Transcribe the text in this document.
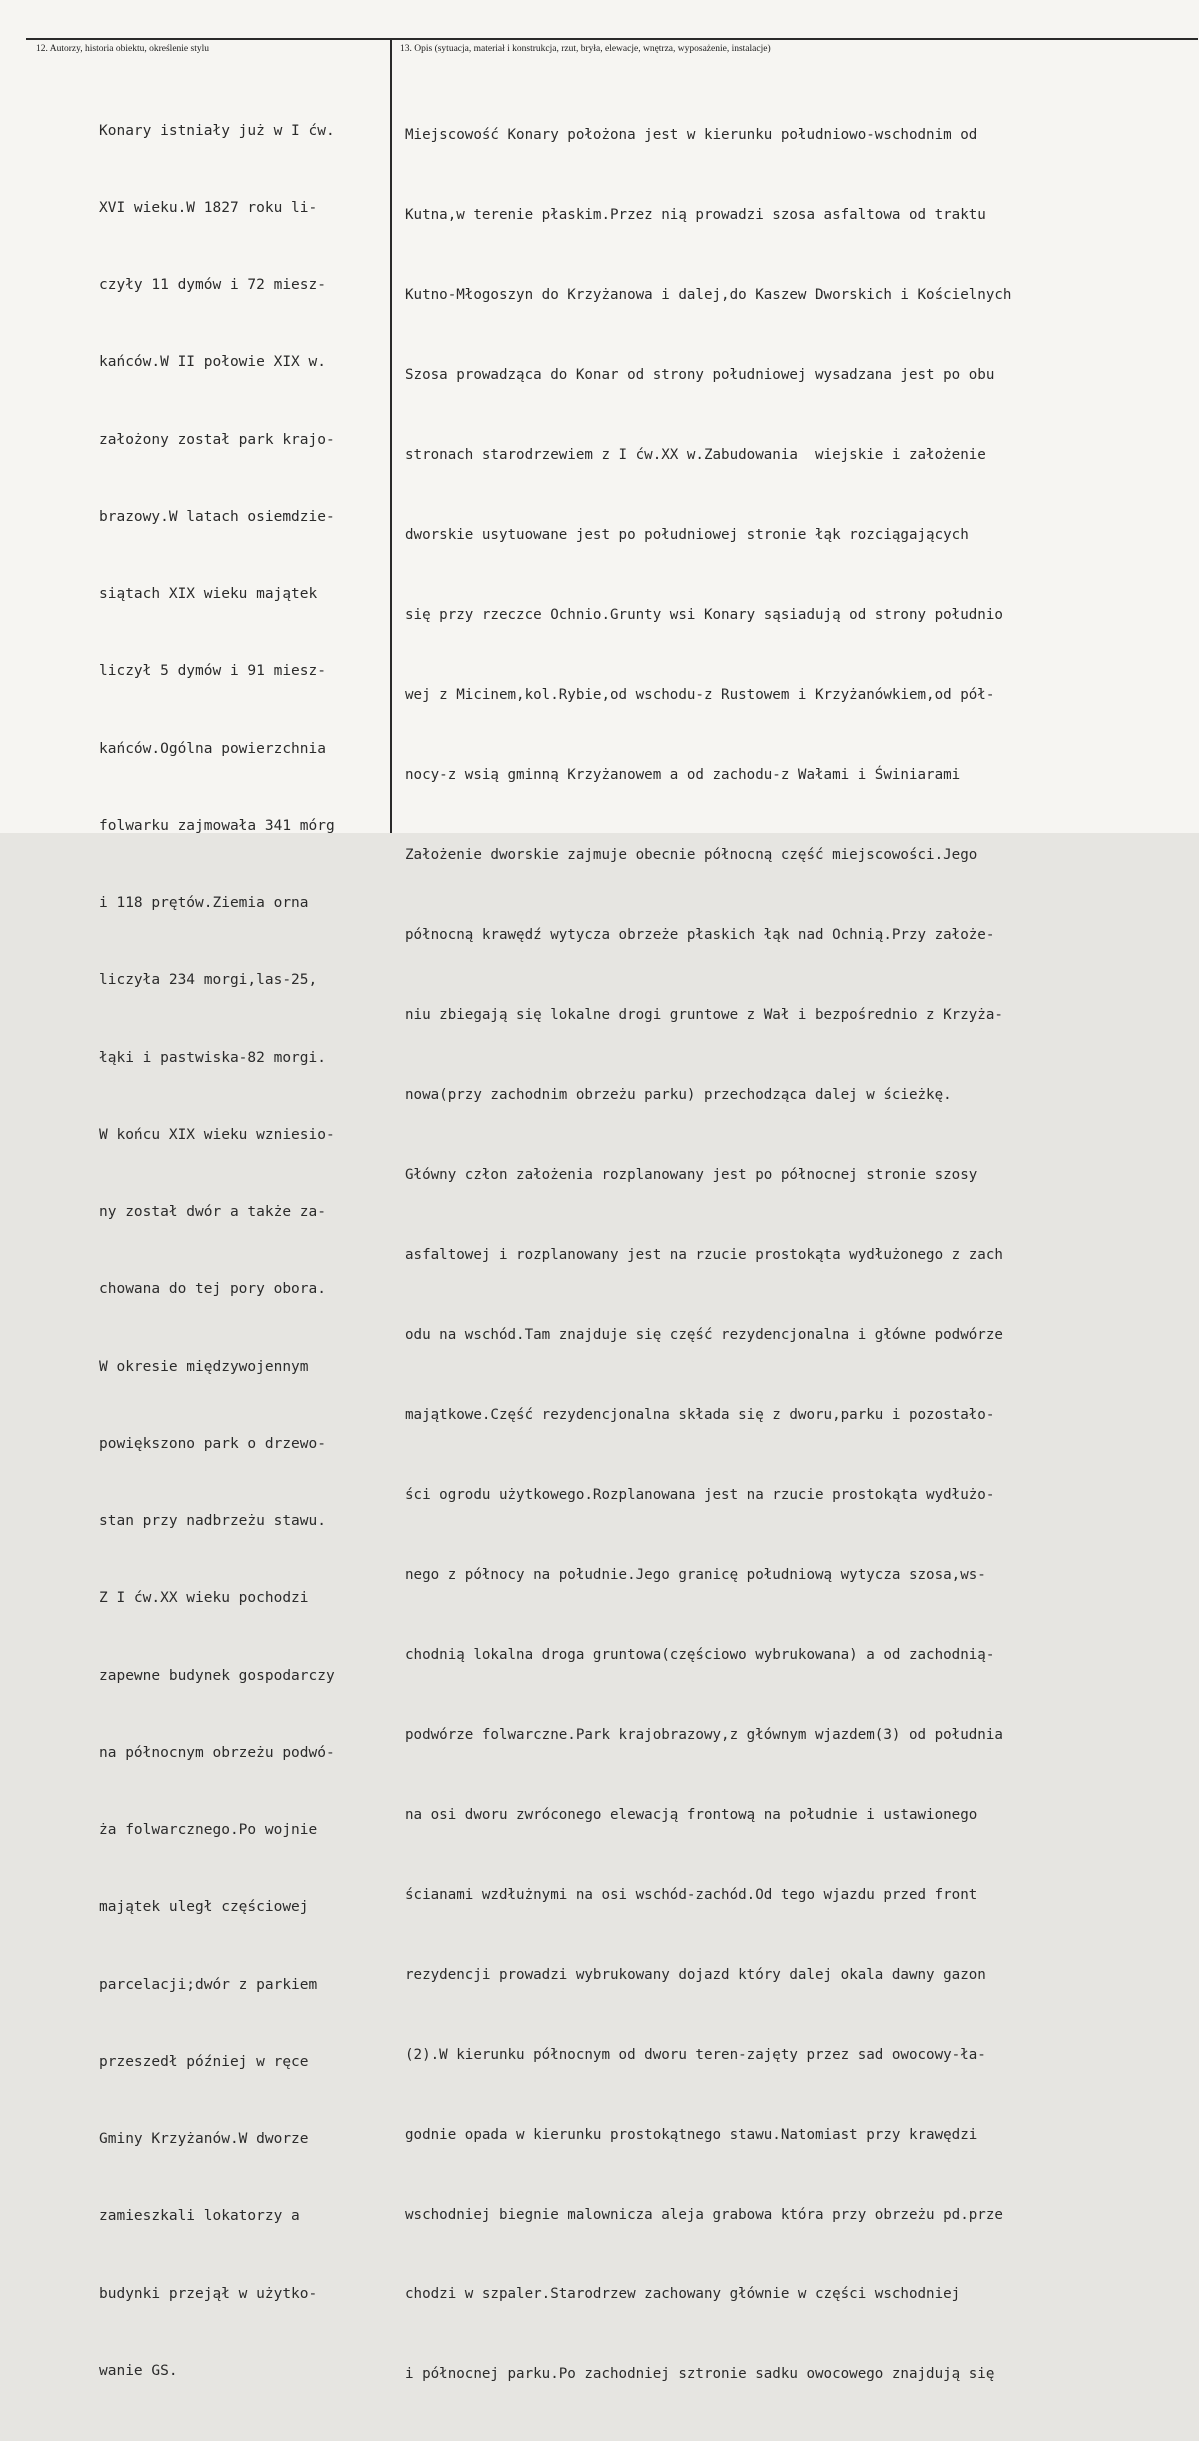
12. Autorzy, historia obiektu, określenie stylu	13. Opis (sytuacja, materiał i konstrukcja, rzut, bryła, elewacje, wnętrza, wyposażenie, instalacje)

Konary istniały już w I ćw.

XVI wieku.W 1827 roku li-

czyły 11 dymów i 72 miesz-

kańców.W II połowie XIX w.

założony został park krajo-

brazowy.W latach osiemdzie-

siątach XIX wieku majątek

liczył 5 dymów i 91 miesz-

kańców.Ogólna powierzchnia

folwarku zajmowała 341 mórg

i 118 prętów.Ziemia orna

liczyła 234 morgi,las-25,

łąki i pastwiska-82 morgi.

W końcu XIX wieku wzniesio-

ny został dwór a także za-

chowana do tej pory obora.

W okresie międzywojennym

powiększono park o drzewo-

stan przy nadbrzeżu stawu.

Z I ćw.XX wieku pochodzi

zapewne budynek gospodarczy

na północnym obrzeżu podwó-

ża folwarcznego.Po wojnie

majątek uległ częściowej

parcelacji;dwór z parkiem

przeszedł później w ręce

Gminy Krzyżanów.W dworze

zamieszkali lokatorzy a

budynki przejął w użytko-

wanie GS.

Miejscowość Konary położona jest w kierunku południowo-wschodnim od

Kutna,w terenie płaskim.Przez nią prowadzi szosa asfaltowa od traktu

Kutno-Młogoszyn do Krzyżanowa i dalej,do Kaszew Dworskich i Kościelnych

Szosa prowadząca do Konar od strony południowej wysadzana jest po obu

stronach starodrzewiem z I ćw.XX w.Zabudowania  wiejskie i założenie

dworskie usytuowane jest po południowej stronie łąk rozciągających

się przy rzeczce Ochnio.Grunty wsi Konary sąsiadują od strony południo

wej z Micinem,kol.Rybie,od wschodu-z Rustowem i Krzyżanówkiem,od pół-

nocy-z wsią gminną Krzyżanowem a od zachodu-z Wałami i Świniarami

Założenie dworskie zajmuje obecnie północną część miejscowości.Jego

północną krawędź wytycza obrzeże płaskich łąk nad Ochnią.Przy założe-

niu zbiegają się lokalne drogi gruntowe z Wał i bezpośrednio z Krzyża-

nowa(przy zachodnim obrzeżu parku) przechodząca dalej w ścieżkę.

Główny człon założenia rozplanowany jest po północnej stronie szosy

asfaltowej i rozplanowany jest na rzucie prostokąta wydłużonego z zach

odu na wschód.Tam znajduje się część rezydencjonalna i główne podwórze

majątkowe.Część rezydencjonalna składa się z dworu,parku i pozostało-

ści ogrodu użytkowego.Rozplanowana jest na rzucie prostokąta wydłużo-

nego z północy na południe.Jego granicę południową wytycza szosa,ws-

chodnią lokalna droga gruntowa(częściowo wybrukowana) a od zachodnią-

podwórze folwarczne.Park krajobrazowy,z głównym wjazdem(3) od południa

na osi dworu zwróconego elewacją frontową na południe i ustawionego

ścianami wzdłużnymi na osi wschód-zachód.Od tego wjazdu przed front

rezydencji prowadzi wybrukowany dojazd który dalej okala dawny gazon

(2).W kierunku północnym od dworu teren-zajęty przez sad owocowy-ła-

godnie opada w kierunku prostokątnego stawu.Natomiast przy krawędzi

wschodniej biegnie malownicza aleja grabowa która przy obrzeżu pd.prze

chodzi w szpaler.Starodrzew zachowany głównie w części wschodniej

i północnej parku.Po zachodniej sztronie sadku owocowego znajdują się
